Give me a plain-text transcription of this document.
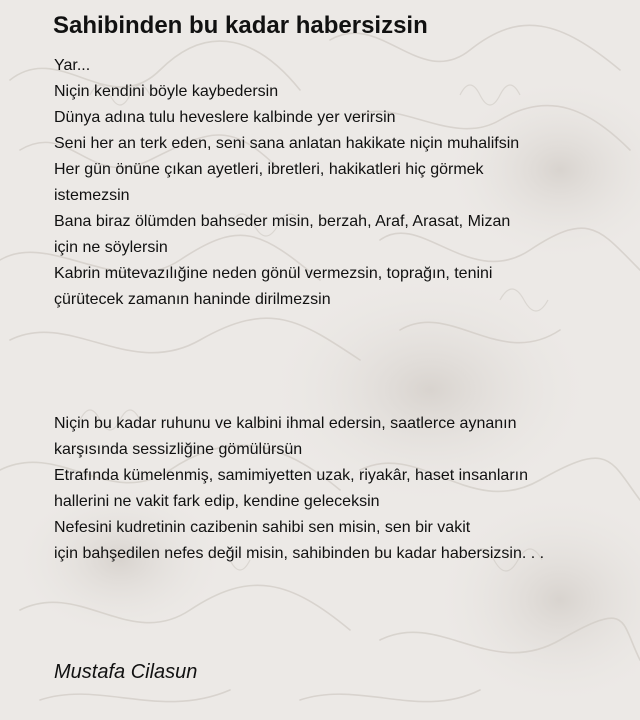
Sahibinden bu kadar habersizsin
Yar...
Niçin kendini böyle kaybedersin
Dünya adına tulu heveslere kalbinde yer verirsin
Seni her an terk eden, seni sana anlatan hakikate niçin muhalifsin
Her gün önüne çıkan ayetleri, ibretleri, hakikatleri hiç görmek
istemezsin
Bana biraz ölümden bahseder misin, berzah, Araf, Arasat, Mizan
için ne söylersin
Kabrin mütevazılığine neden gönül vermezsin, toprağın, tenini
çürütecek zamanın haninde dirilmezsin
Niçin bu kadar ruhunu ve kalbini ihmal edersin, saatlerce aynanın
karşısında sessizliğine gömülürsün
Etrafında kümelenmiş, samimiyetten uzak, riyakâr, haset insanların
hallerini ne vakit fark edip, kendine geleceksin
Nefesini kudretinin cazibenin sahibi sen misin, sen bir vakit
için bahşedilen nefes değil misin, sahibinden bu kadar habersizsin. . .

Mustafa Cilasun
